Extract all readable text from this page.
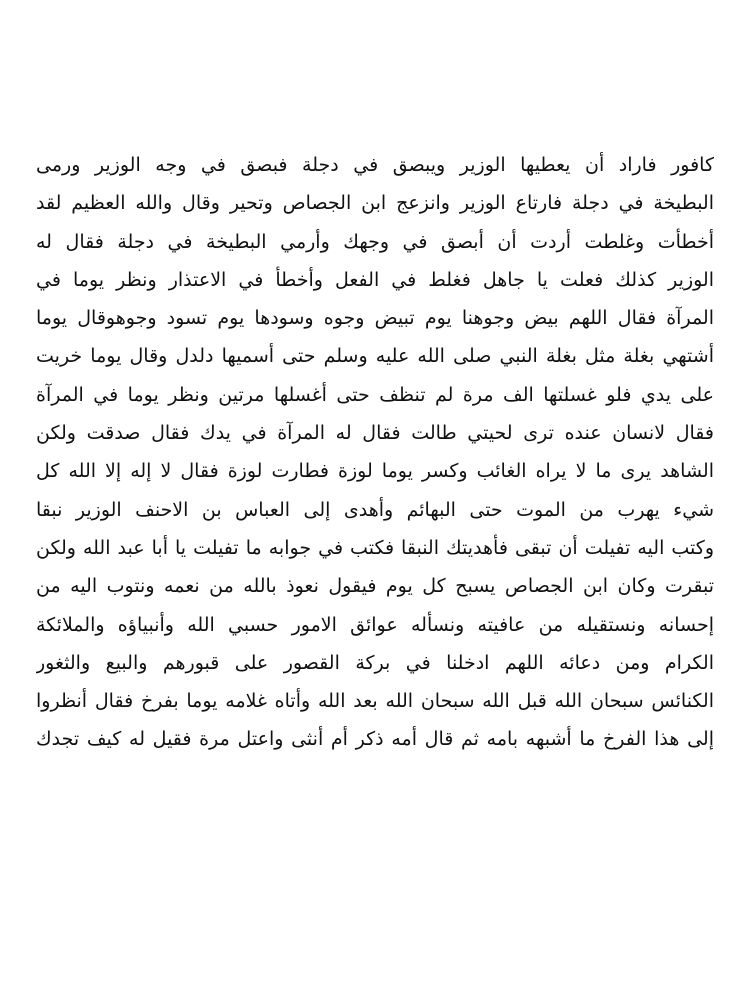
كافور فاراد أن يعطيها الوزير ويبصق في دجلة فبصق في وجه الوزير ورمى
البطيخة في دجلة فارتاع الوزير وانزعج ابن الجصاص وتحير وقال والله العظيم لقد
أخطأت وغلطت أردت أن أبصق في وجهك وأرمي البطيخة في دجلة فقال له
الوزير كذلك فعلت يا جاهل فغلط في الفعل وأخطأ في الاعتذار ونظر يوما في
المرآة فقال اللهم بيض وجوهنا يوم تبيض وجوه وسودها يوم تسود وجوهوقال يوما
أشتهي بغلة مثل بغلة النبي صلى الله عليه وسلم حتى أسميها دلدل وقال يوما خريت
على يدي فلو غسلتها الف مرة لم تنظف حتى أغسلها مرتين ونظر يوما في المرآة
فقال لانسان عنده ترى لحيتي طالت فقال له المرآة في يدك فقال صدقت ولكن
الشاهد يرى ما لا يراه الغائب وكسر يوما لوزة فطارت لوزة فقال لا إله إلا الله كل
شيء يهرب من الموت حتى البهائم وأهدى إلى العباس بن الاحنف الوزير نبقا
وكتب اليه تفيلت أن تبقى فأهديتك النبقا فكتب في جوابه ما تفيلت يا أبا عبد الله ولكن
تبقرت وكان ابن الجصاص يسبح كل يوم فيقول نعوذ بالله من نعمه ونتوب اليه من
إحسانه ونستقيله من عافيته ونسأله عوائق الامور حسبي الله وأنبياؤه والملائكة
الكرام ومن دعائه اللهم ادخلنا في بركة القصور على قبورهم والبيع والثغور
الكنائس سبحان الله قبل الله سبحان الله بعد الله وأتاه غلامه يوما بفرخ فقال أنظروا
إلى هذا الفرخ ما أشبهه بامه ثم قال أمه ذكر أم أنثى واعتل مرة فقيل له كيف تجدك
